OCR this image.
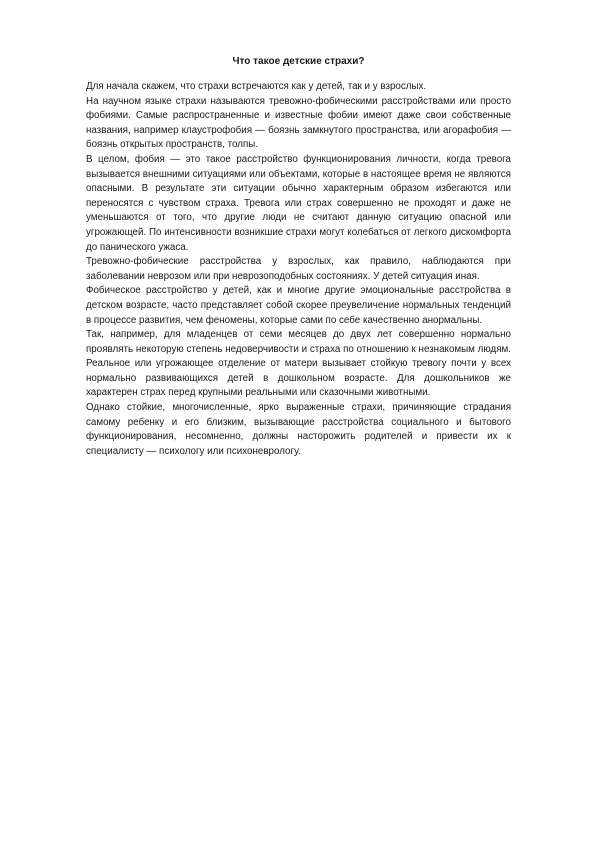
Что такое детские страхи?

Для начала скажем, что страхи встречаются как у детей, так и у взрослых.

На научном языке страхи называются тревожно-фобическими расстройствами или просто фобиями. Самые распространенные и известные фобии имеют даже свои собственные названия, например клаустрофобия — боязнь замкнутого пространства, или агорафобия — боязнь открытых пространств, толпы.

В целом, фобия — это такое расстройство функционирования личности, когда тревога вызывается внешними ситуациями или объектами, которые в настоящее время не являются опасными. В результате эти ситуации обычно характерным образом избегаются или переносятся с чувством страха. Тревога или страх совершенно не проходят и даже не уменьшаются от того, что другие люди не считают данную ситуацию опасной или угрожающей. По интенсивности возникшие страхи могут колебаться от легкого дискомфорта до панического ужаса.

Тревожно-фобические расстройства у взрослых, как правило, наблюдаются при заболевании неврозом или при неврозоподобных состояниях. У детей ситуация иная.

Фобическое расстройство у детей, как и многие другие эмоциональные расстройства в детском возрасте, часто представляет собой скорее преувеличение нормальных тенденций в процессе развития, чем феномены, которые сами по себе качественно анормальны.

Так, например, для младенцев от семи месяцев до двух лет совершенно нормально проявлять некоторую степень недоверчивости и страха по отношению к незнакомым людям. Реальное или угрожающее отделение от матери вызывает стойкую тревогу почти у всех нормально развивающихся детей в дошкольном возрасте. Для дошкольников же характерен страх перед крупными реальными или сказочными животными.

Однако стойкие, многочисленные, ярко выраженные страхи, причиняющие страдания самому ребенку и его близким, вызывающие расстройства социального и бытового функционирования, несомненно, должны насторожить родителей и привести их к специалисту — психологу или психоневрологу.
